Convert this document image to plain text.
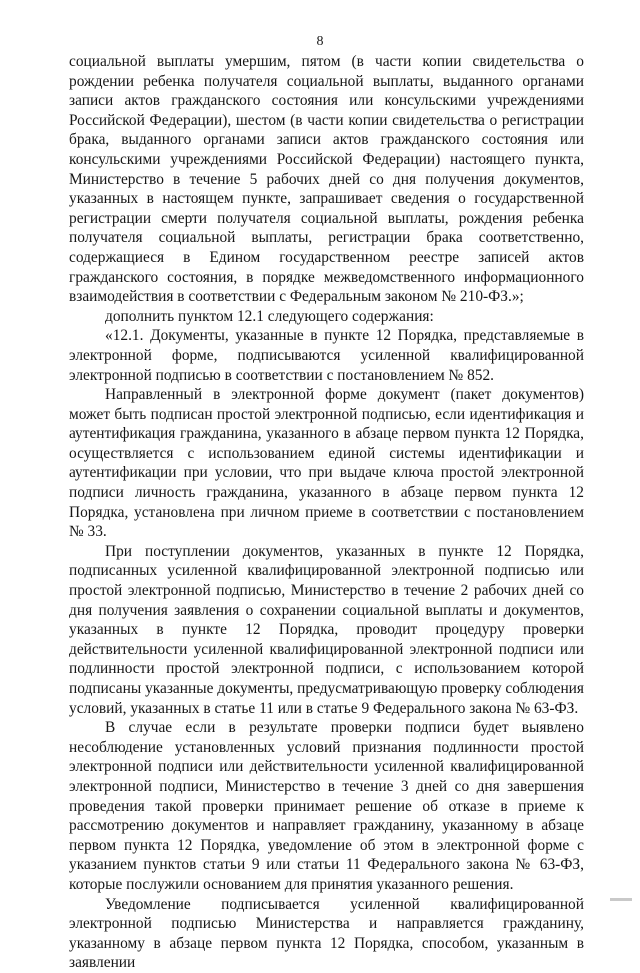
8

социальной выплаты умершим, пятом (в части копии свидетельства о рождении ребенка получателя социальной выплаты, выданного органами записи актов гражданского состояния или консульскими учреждениями Российской Федерации), шестом (в части копии свидетельства о регистрации брака, выданного органами записи актов гражданского состояния или консульскими учреждениями Российской Федерации) настоящего пункта, Министерство в течение 5 рабочих дней со дня получения документов, указанных в настоящем пункте, запрашивает сведения о государственной регистрации смерти получателя социальной выплаты, рождения ребенка получателя социальной выплаты, регистрации брака соответственно, содержащиеся в Едином государственном реестре записей актов гражданского состояния, в порядке межведомственного информационного взаимодействия в соответствии с Федеральным законом № 210-ФЗ.»;

дополнить пунктом 12.1 следующего содержания:

«12.1. Документы, указанные в пункте 12 Порядка, представляемые в электронной форме, подписываются усиленной квалифицированной электронной подписью в соответствии с постановлением № 852.

Направленный в электронной форме документ (пакет документов) может быть подписан простой электронной подписью, если идентификация и аутентификация гражданина, указанного в абзаце первом пункта 12 Порядка, осуществляется с использованием единой системы идентификации и аутентификации при условии, что при выдаче ключа простой электронной подписи личность гражданина, указанного в абзаце первом пункта 12 Порядка, установлена при личном приеме в соответствии с постановлением № 33.

При поступлении документов, указанных в пункте 12 Порядка, подписанных усиленной квалифицированной электронной подписью или простой электронной подписью, Министерство в течение 2 рабочих дней со дня получения заявления о сохранении социальной выплаты и документов, указанных в пункте 12 Порядка, проводит процедуру проверки действительности усиленной квалифицированной электронной подписи или подлинности простой электронной подписи, с использованием которой подписаны указанные документы, предусматривающую проверку соблюдения условий, указанных в статье 11 или в статье 9 Федерального закона № 63-ФЗ.

В случае если в результате проверки подписи будет выявлено несоблюдение установленных условий признания подлинности простой электронной подписи или действительности усиленной квалифицированной электронной подписи, Министерство в течение 3 дней со дня завершения проведения такой проверки принимает решение об отказе в приеме к рассмотрению документов и направляет гражданину, указанному в абзаце первом пункта 12 Порядка, уведомление об этом в электронной форме с указанием пунктов статьи 9 или статьи 11 Федерального закона № 63-ФЗ, которые послужили основанием для принятия указанного решения.

Уведомление подписывается усиленной квалифицированной электронной подписью Министерства и направляется гражданину, указанному в абзаце первом пункта 12 Порядка, способом, указанным в заявлении
